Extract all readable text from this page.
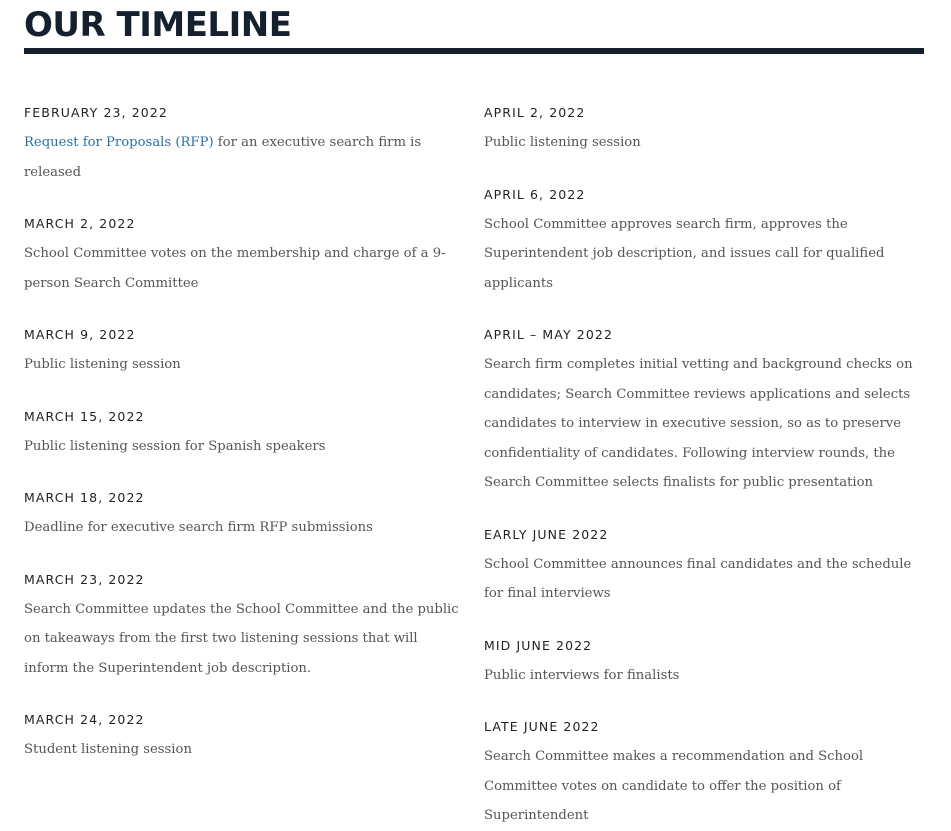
OUR TIMELINE
FEBRUARY 23, 2022
Request for Proposals (RFP) for an executive search firm is released
MARCH 2, 2022
School Committee votes on the membership and charge of a 9-person Search Committee
MARCH 9, 2022
Public listening session
MARCH 15, 2022
Public listening session for Spanish speakers
MARCH 18, 2022
Deadline for executive search firm RFP submissions
MARCH 23, 2022
Search Committee updates the School Committee and the public on takeaways from the first two listening sessions that will inform the Superintendent job description.
MARCH 24, 2022
Student listening session
APRIL 2, 2022
Public listening session
APRIL 6, 2022
School Committee approves search firm, approves the Superintendent job description, and issues call for qualified applicants
APRIL – MAY 2022
Search firm completes initial vetting and background checks on candidates; Search Committee reviews applications and selects candidates to interview in executive session, so as to preserve confidentiality of candidates. Following interview rounds, the Search Committee selects finalists for public presentation
EARLY JUNE 2022
School Committee announces final candidates and the schedule for final interviews
MID JUNE 2022
Public interviews for finalists
LATE JUNE 2022
Search Committee makes a recommendation and School Committee votes on candidate to offer the position of Superintendent
